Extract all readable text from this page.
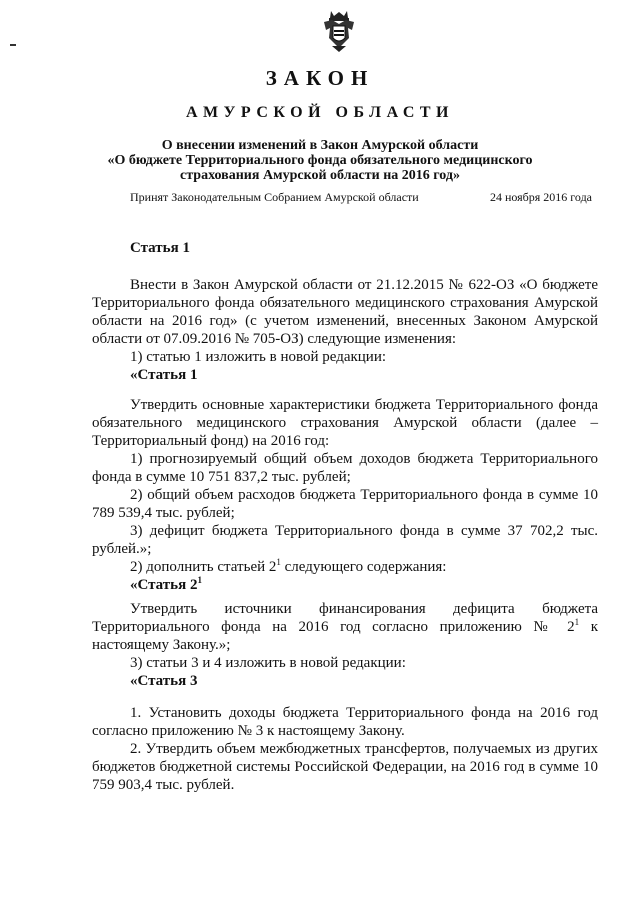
ЗАКОН
АМУРСКОЙ ОБЛАСТИ
О внесении изменений в Закон Амурской области
«О бюджете Территориального фонда обязательного медицинского
страхования Амурской области на 2016 год»
Принят Законодательным Собранием Амурской области	24 ноября 2016 года
Статья 1

Внести в Закон Амурской области от 21.12.2015 № 622-ОЗ «О бюджете Территориального фонда обязательного медицинского страхования Амурской области на 2016 год» (с учетом изменений, внесенных Законом Амурской области от 07.09.2016 № 705-ОЗ) следующие изменения:

1) статью 1 изложить в новой редакции:

«Статья 1

Утвердить основные характеристики бюджета Территориального фонда обязательного медицинского страхования Амурской области (далее – Территориальный фонд) на 2016 год:

1) прогнозируемый общий объем доходов бюджета Территориального фонда в сумме 10 751 837,2 тыс. рублей;

2) общий объем расходов бюджета Территориального фонда в сумме 10 789 539,4 тыс. рублей;

3) дефицит бюджета Территориального фонда в сумме 37 702,2 тыс. рублей.»;

2) дополнить статьей $2^1$ следующего содержания:

«Статья $2^1$

Утвердить источники финансирования дефицита бюджета Территориального фонда на 2016 год согласно приложению № $2^1$ к настоящему Закону.»;

3) статьи 3 и 4 изложить в новой редакции:

«Статья 3

1. Установить доходы бюджета Территориального фонда на 2016 год согласно приложению № 3 к настоящему Закону.

2. Утвердить объем межбюджетных трансфертов, получаемых из других бюджетов бюджетной системы Российской Федерации, на 2016 год в сумме 10 759 903,4 тыс. рублей.
